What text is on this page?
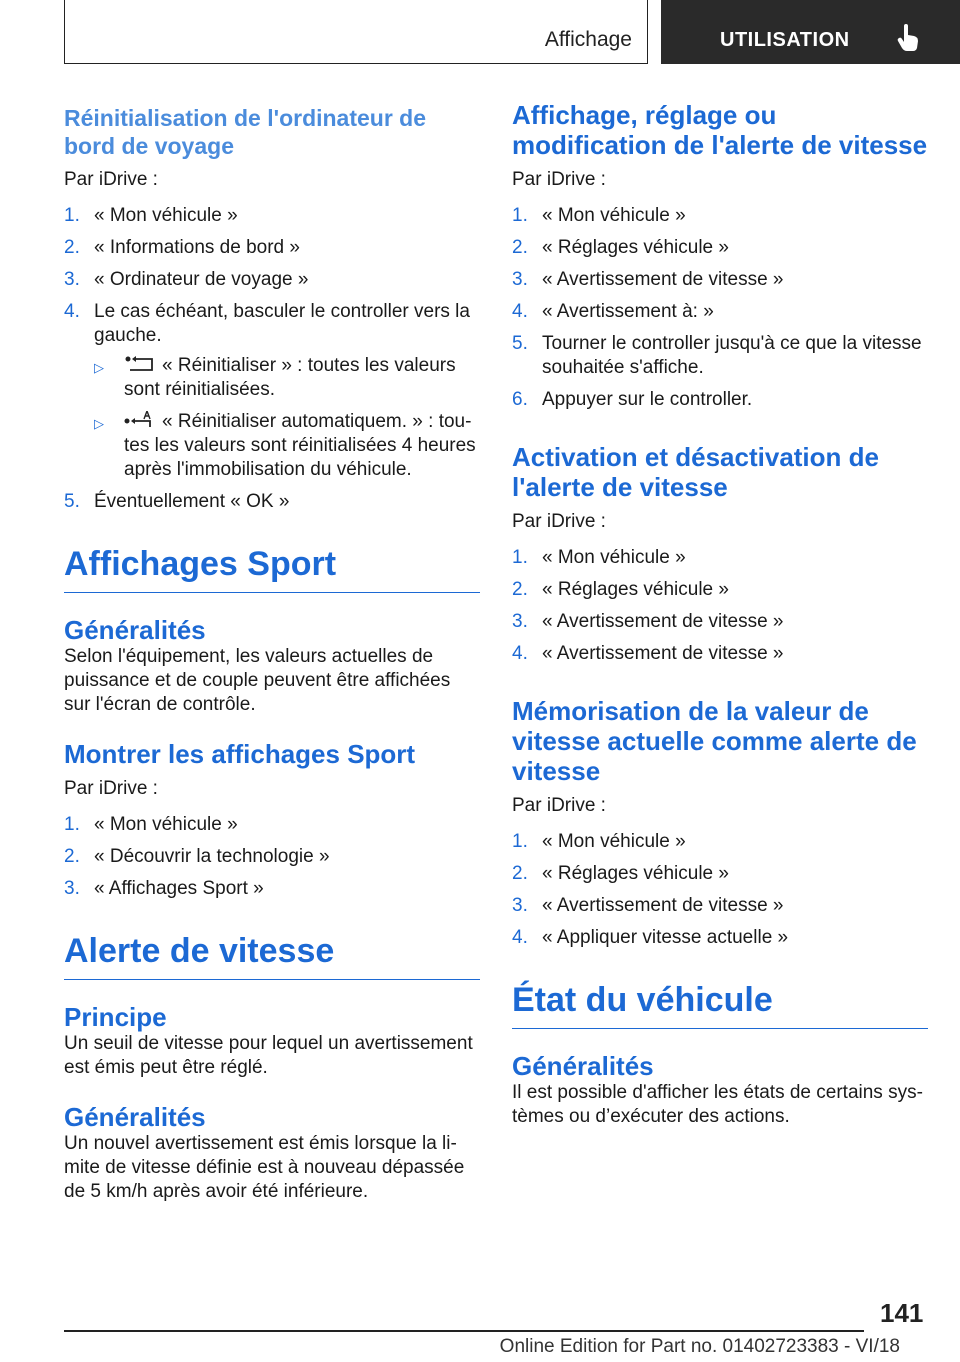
Affichage	UTILISATION
Réinitialisation de l'ordinateur de bord de voyage

Par iDrive :

1. « Mon véhicule »
2. « Informations de bord »
3. « Ordinateur de voyage »
4. Le cas échéant, basculer le controller vers la gauche.
▷	« Réinitialiser » : toutes les valeurs sont réinitialisées.
▷	« Réinitialiser automatiquem. » : toutes les valeurs sont réinitialisées 4 heures après l'immobilisation du véhicule.
5. Éventuellement « OK »
Affichages Sport
Généralités

Selon l'équipement, les valeurs actuelles de puissance et de couple peuvent être affichées sur l'écran de contrôle.

Montrer les affichages Sport

Par iDrive :

1. « Mon véhicule »
2. « Découvrir la technologie »
3. « Affichages Sport »
Alerte de vitesse
Principe

Un seuil de vitesse pour lequel un avertissement est émis peut être réglé.

Généralités

Un nouvel avertissement est émis lorsque la limite de vitesse définie est à nouveau dépassée de 5 km/h après avoir été inférieure.

Affichage, réglage ou modification de l'alerte de vitesse

Par iDrive :

1. « Mon véhicule »
2. « Réglages véhicule »
3. « Avertissement de vitesse »
4. « Avertissement à: »
5. Tourner le controller jusqu'à ce que la vitesse souhaitée s'affiche.
6. Appuyer sur le controller.
Activation et désactivation de l'alerte de vitesse

Par iDrive :

1. « Mon véhicule »
2. « Réglages véhicule »
3. « Avertissement de vitesse »
4. « Avertissement de vitesse »
Mémorisation de la valeur de vitesse actuelle comme alerte de vitesse

Par iDrive :

1. « Mon véhicule »
2. « Réglages véhicule »
3. « Avertissement de vitesse »
4. « Appliquer vitesse actuelle »
État du véhicule
Généralités

Il est possible d'afficher les états de certains systèmes ou d’exécuter des actions.

141
Online Edition for Part no. 01402723383 - VI/18
